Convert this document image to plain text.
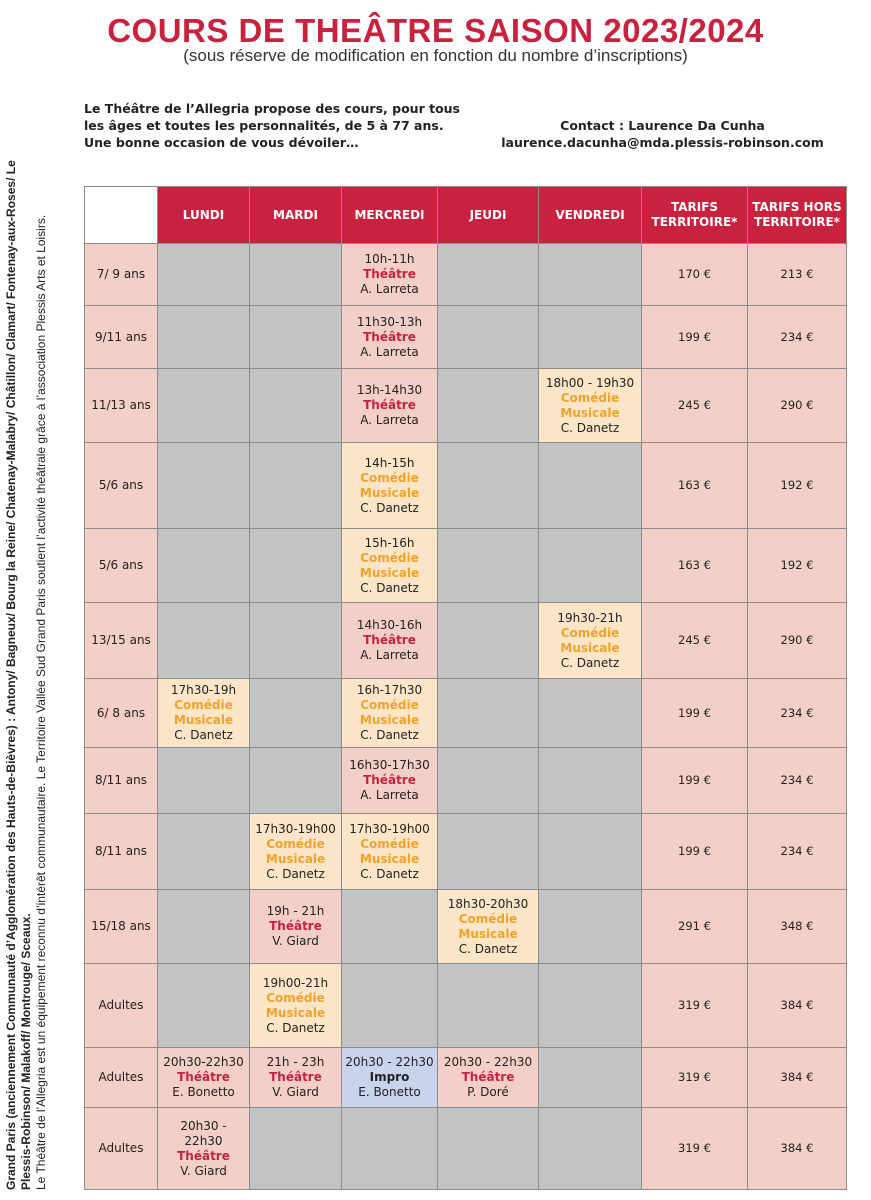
COURS DE THEÂTRE SAISON 2023/2024
(sous réserve de modification en fonction du nombre d’inscriptions)
Le Théâtre de l’Allegria propose des cours, pour tous les âges et toutes les personnalités, de 5 à 77 ans. Une bonne occasion de vous dévoiler…
Contact : Laurence Da Cunha
laurence.dacunha@mda.plessis-robinson.com
Grand Paris (anciennement Communauté d’Agglomération des Hauts-de-Bièvres) : Antony/ Bagneux/ Bourg la Reine/ Chatenay-Malabry/ Châtillon/ Clamart/ Fontenay-aux-Roses/ Le Plessis-Robinson/ Malakoff/ Montrouge/ Sceaux. Le Théâtre de l’Allegria est un équipement reconnu d’intérêt communautaire. Le Territoire Vallée Sud Grand Paris soutient l’activité théâtrale grâce à l’association Plessis Arts et Loisirs.
	LUNDI	MARDI	MERCREDI	JEUDI	VENDREDI	TARIFS TERRITOIRE*	TARIFS HORS TERRITOIRE*
7/ 9 ans			10h-11h
Théâtre
A. Larreta			170 €	213 €
9/11 ans			11h30-13h
Théâtre
A. Larreta			199 €	234 €
11/13 ans			13h-14h30
Théâtre
A. Larreta		18h00 - 19h30
Comédie Musicale
C. Danetz	245 €	290 €
5/6 ans			14h-15h
Comédie Musicale
C. Danetz			163 €	192 €
5/6 ans			15h-16h
Comédie Musicale
C. Danetz			163 €	192 €
13/15 ans			14h30-16h
Théâtre
A. Larreta		19h30-21h
Comédie Musicale
C. Danetz	245 €	290 €
6/ 8 ans	17h30-19h
Comédie Musicale
C. Danetz		16h-17h30
Comédie Musicale
C. Danetz			199 €	234 €
8/11 ans			16h30-17h30
Théâtre
A. Larreta			199 €	234 €
8/11 ans		17h30-19h00
Comédie Musicale
C. Danetz	17h30-19h00
Comédie Musicale
C. Danetz			199 €	234 €
15/18 ans		19h - 21h
Théâtre
V. Giard		18h30-20h30
Comédie Musicale
C. Danetz		291 €	348 €
Adultes		19h00-21h
Comédie Musicale
C. Danetz				319 €	384 €
Adultes	20h30-22h30
Théâtre
E. Bonetto	21h - 23h
Théâtre
V. Giard	20h30 - 22h30
Impro
E. Bonetto	20h30 - 22h30
Théâtre
P. Doré		319 €	384 €
Adultes	20h30 - 22h30
Théâtre
V. Giard					319 €	384 €
